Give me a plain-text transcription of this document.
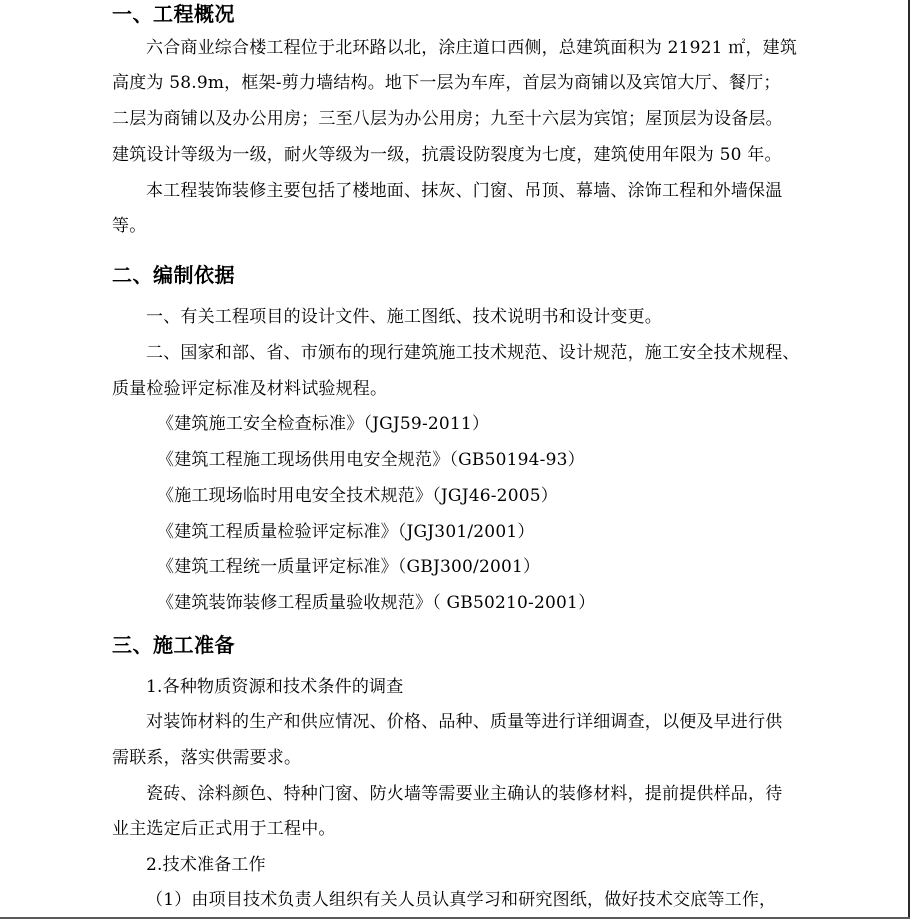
一、工程概况
六合商业综合楼工程位于北环路以北，涂庄道口西侧，总建筑面积为 21921 ㎡，建筑
高度为 58.9m，框架-剪力墙结构。地下一层为车库，首层为商铺以及宾馆大厅、餐厅；
二层为商铺以及办公用房；三至八层为办公用房；九至十六层为宾馆；屋顶层为设备层。
建筑设计等级为一级，耐火等级为一级，抗震设防裂度为七度，建筑使用年限为 50 年。
本工程装饰装修主要包括了楼地面、抹灰、门窗、吊顶、幕墙、涂饰工程和外墙保温
等。
二、编制依据
一、有关工程项目的设计文件、施工图纸、技术说明书和设计变更。
二、国家和部、省、市颁布的现行建筑施工技术规范、设计规范，施工安全技术规程、
质量检验评定标准及材料试验规程。
《建筑施工安全检查标准》（JGJ59-2011）
《建筑工程施工现场供用电安全规范》（GB50194-93）
《施工现场临时用电安全技术规范》（JGJ46-2005）
《建筑工程质量检验评定标准》（JGJ301/2001）
《建筑工程统一质量评定标准》（GBJ300/2001）
《建筑装饰装修工程质量验收规范》（ GB50210-2001）
三、施工准备
1.各种物质资源和技术条件的调查
对装饰材料的生产和供应情况、价格、品种、质量等进行详细调查，以便及早进行供
需联系，落实供需要求。
瓷砖、涂料颜色、特种门窗、防火墙等需要业主确认的装修材料，提前提供样品，待
业主选定后正式用于工程中。
2.技术准备工作
（1）由项目技术负责人组织有关人员认真学习和研究图纸，做好技术交底等工作，
